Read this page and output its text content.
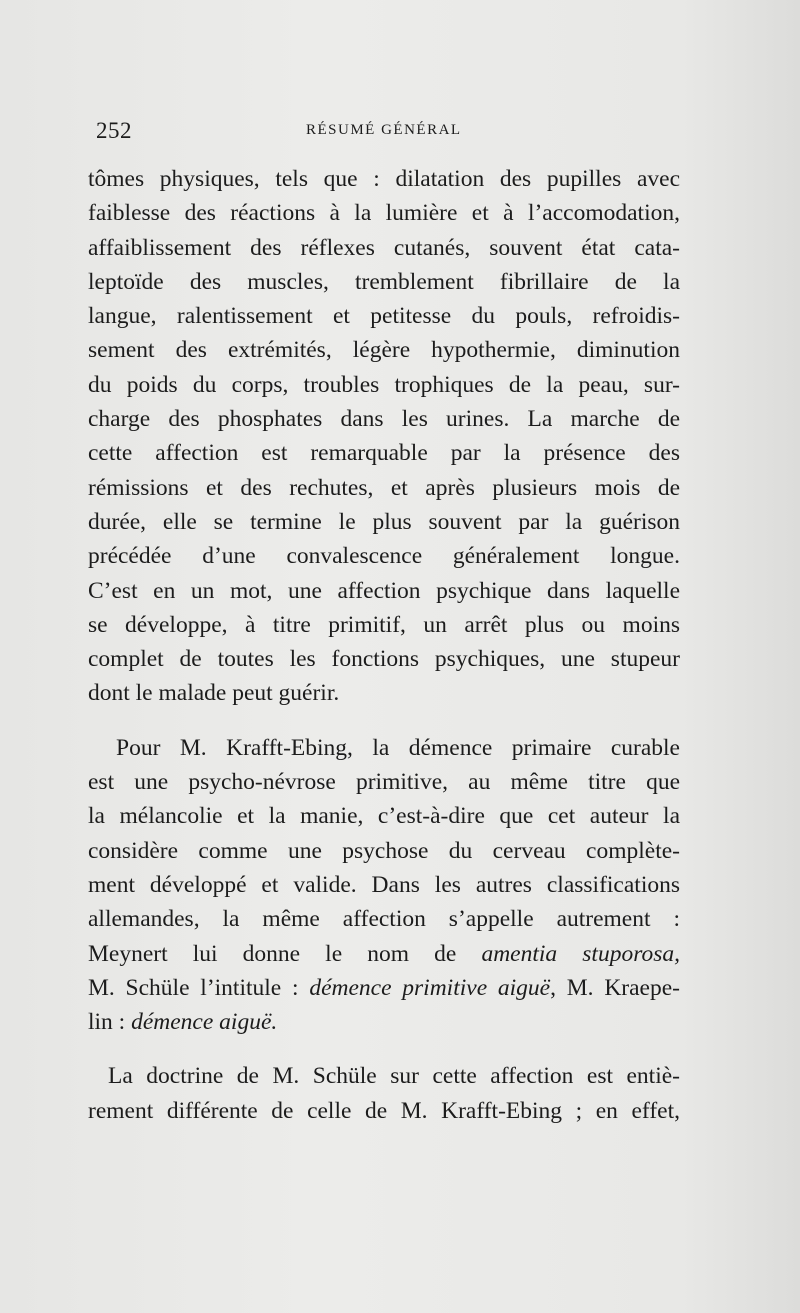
252	RÉSUMÉ GÉNÉRAL

tômes physiques, tels que : dilatation des pupilles avec
faiblesse des réactions à la lumière et à l’accomodation,
affaiblissement des réflexes cutanés, souvent état cata-
leptoïde des muscles, tremblement fibrillaire de la
langue, ralentissement et petitesse du pouls, refroidis-
sement des extrémités, légère hypothermie, diminution
du poids du corps, troubles trophiques de la peau, sur-
charge des phosphates dans les urines. La marche de
cette affection est remarquable par la présence des
rémissions et des rechutes, et après plusieurs mois de
durée, elle se termine le plus souvent par la guérison
précédée d’une convalescence généralement longue.
C’est en un mot, une affection psychique dans laquelle
se développe, à titre primitif, un arrêt plus ou moins
complet de toutes les fonctions psychiques, une stupeur
dont le malade peut guérir.

Pour M. Krafft-Ebing, la démence primaire curable
est une psycho-névrose primitive, au même titre que
la mélancolie et la manie, c’est-à-dire que cet auteur la
considère comme une psychose du cerveau complète-
ment développé et valide. Dans les autres classifications
allemandes, la même affection s’appelle autrement :
Meynert lui donne le nom de amentia stuporosa,
M. Schüle l’intitule : démence primitive aiguë, M. Kraepe-
lin : démence aiguë.

La doctrine de M. Schüle sur cette affection est entiè-
rement différente de celle de M. Krafft-Ebing ; en effet,
